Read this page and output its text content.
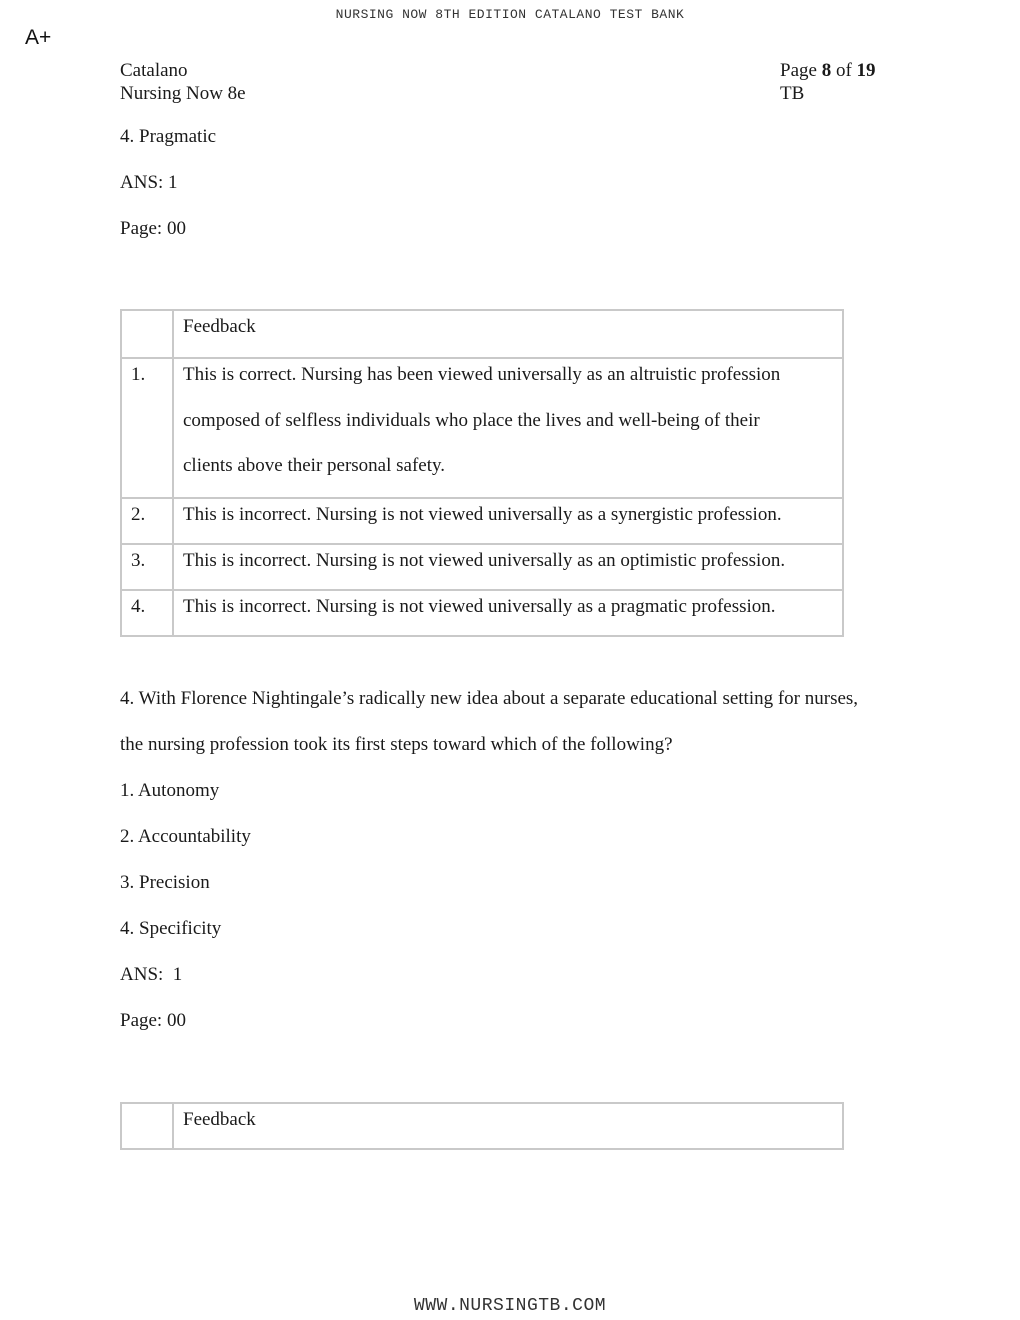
NURSING NOW 8TH EDITION CATALANO TEST BANK
A+
Catalano
Nursing Now 8e
Page 8 of 19
TB
4. Pragmatic
ANS: 1
Page: 00

	Feedback

1.	This is correct. Nursing has been viewed universally as an altruistic profession
composed of selfless individuals who place the lives and well-being of their
clients above their personal safety.

2.	This is incorrect. Nursing is not viewed universally as a synergistic profession.

3.	This is incorrect. Nursing is not viewed universally as an optimistic profession.

4.	This is incorrect. Nursing is not viewed universally as a pragmatic profession.
4. With Florence Nightingale’s radically new idea about a separate educational setting for nurses,
the nursing profession took its first steps toward which of the following?
1. Autonomy
2. Accountability
3. Precision
4. Specificity
ANS:  1
Page: 00

Feedback
WWW.NURSINGTB.COM
